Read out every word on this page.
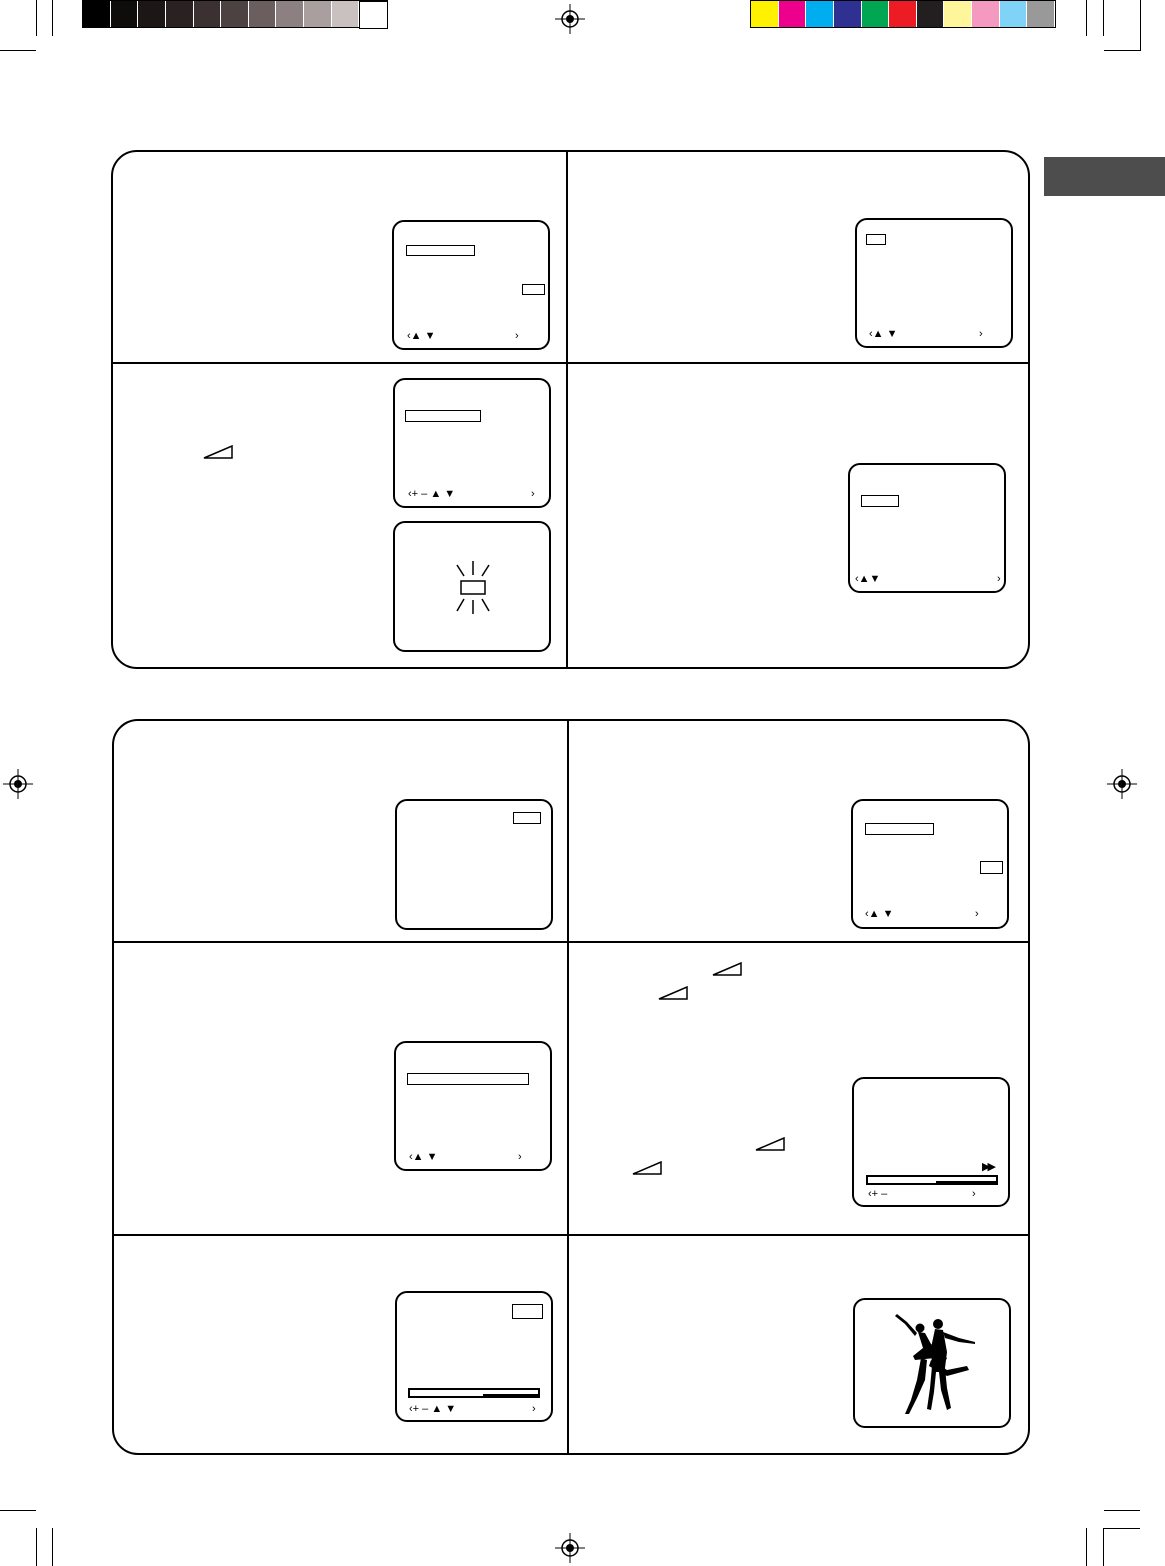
‹▲ ▼	›	‹▲ ▼	›
‹+ – ▲ ▼	›
‹▲▼	›
‹▲ ▼	›
‹▲ ▼	›
▶▶
‹+ –	›
‹+ – ▲ ▼	›
